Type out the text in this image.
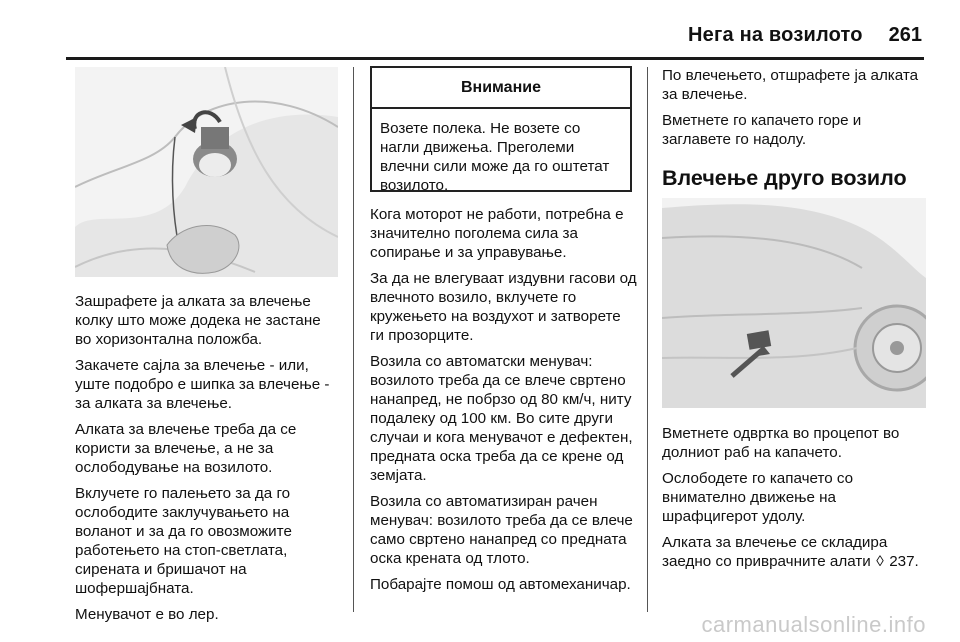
Нега на возилото 261

Зашрафете ја алката за влечење колку што може додека не застане во хоризонтална положба.

Закачете сајла за влечење - или, уште подобро е шипка за влечење - за алката за влечење.

Алката за влечење треба да се користи за влечење, а не за ослободување на возилото.

Вклучете го палењето за да го ослободите заклучувањето на воланот и за да го овозможите работењето на стоп-светлата, сирената и бришачот на шофершајбната.

Менувачот е во лер.

Внимание
Возете полека. Не возете со нагли движења. Преголеми влечни сили може да го оштетат возилото.

Кога моторот не работи, потребна е значително поголема сила за сопирање и за управување.

За да не влегуваат издувни гасови од влечното возило, вклучете го кружењето на воздухот и затворете ги прозорците.

Возила со автоматски менувач: возилото треба да се влече свртено нанапред, не побрзо од 80 км/ч, ниту подалеку од 100 км. Во сите други случаи и кога менувачот е дефектен, предната оска треба да се крене од земјата.

Возила со автоматизиран рачен менувач: возилото треба да се влече само свртено нанапред со предната оска кренатa од тлото.

Побарајте помош од автомеханичар.

По влечењето, отшрафете ја алката за влечење.

Вметнете го капачето горе и заглавете го надолу.

Влечење друго возило

Вметнете одвртка во процепот во долниот раб на капачето.

Ослободете го капачето со внимателно движење на шрафцигерот удолу.

Алката за влечење се складира заедно со приврачните алати ◊ 237.

carmanualsonline.info
